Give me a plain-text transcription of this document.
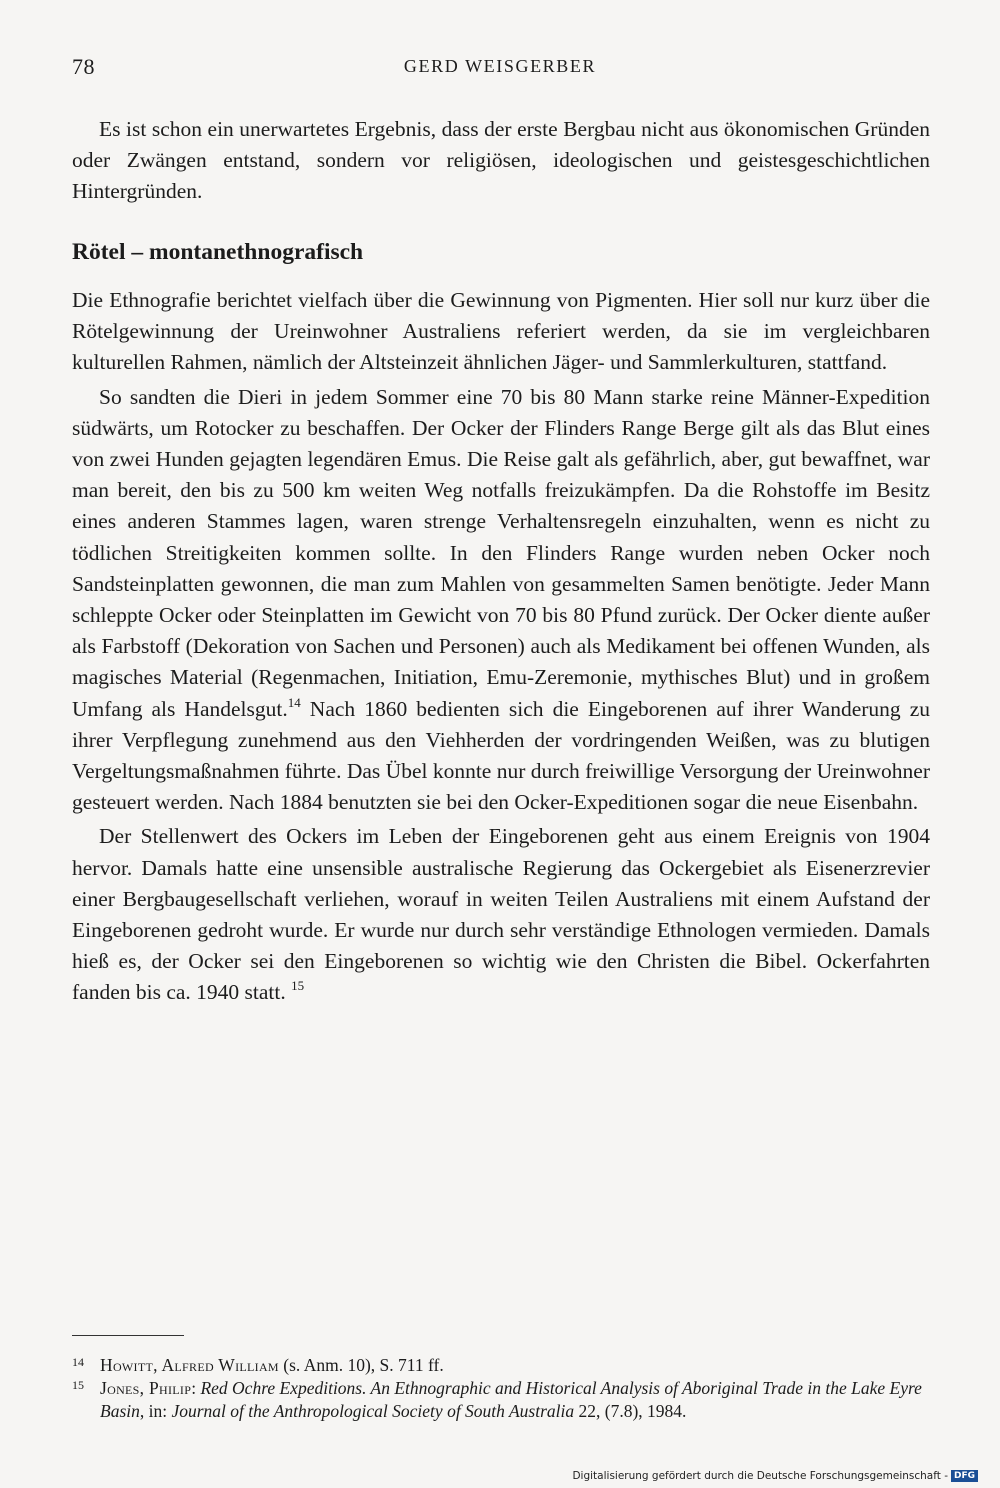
78	GERD WEISGERBER

Es ist schon ein unerwartetes Ergebnis, dass der erste Bergbau nicht aus ökonomischen Gründen oder Zwängen entstand, sondern vor religiösen, ideologischen und geistesgeschichtlichen Hintergründen.

Rötel – montanethnografisch

Die Ethnografie berichtet vielfach über die Gewinnung von Pigmenten. Hier soll nur kurz über die Rötelgewinnung der Ureinwohner Australiens referiert werden, da sie im vergleichbaren kulturellen Rahmen, nämlich der Altsteinzeit ähnlichen Jäger- und Sammlerkulturen, stattfand.

So sandten die Dieri in jedem Sommer eine 70 bis 80 Mann starke reine Männer-Expedition südwärts, um Rotocker zu beschaffen. Der Ocker der Flinders Range Berge gilt als das Blut eines von zwei Hunden gejagten legendären Emus. Die Reise galt als gefährlich, aber, gut bewaffnet, war man bereit, den bis zu 500 km weiten Weg notfalls freizukämpfen. Da die Rohstoffe im Besitz eines anderen Stammes lagen, waren strenge Verhaltensregeln einzuhalten, wenn es nicht zu tödlichen Streitigkeiten kommen sollte. In den Flinders Range wurden neben Ocker noch Sandsteinplatten gewonnen, die man zum Mahlen von gesammelten Samen benötigte. Jeder Mann schleppte Ocker oder Steinplatten im Gewicht von 70 bis 80 Pfund zurück. Der Ocker diente außer als Farbstoff (Dekoration von Sachen und Personen) auch als Medikament bei offenen Wunden, als magisches Material (Regenmachen, Initiation, Emu-Zeremonie, mythisches Blut) und in großem Umfang als Handelsgut.$^{14}$ Nach 1860 bedienten sich die Eingeborenen auf ihrer Wanderung zu ihrer Verpflegung zunehmend aus den Viehherden der vordringenden Weißen, was zu blutigen Vergeltungsmaßnahmen führte. Das Übel konnte nur durch freiwillige Versorgung der Ureinwohner gesteuert werden. Nach 1884 benutzten sie bei den Ocker-Expeditionen sogar die neue Eisenbahn.

Der Stellenwert des Ockers im Leben der Eingeborenen geht aus einem Ereignis von 1904 hervor. Damals hatte eine unsensible australische Regierung das Ockergebiet als Eisenerzrevier einer Bergbaugesellschaft verliehen, worauf in weiten Teilen Australiens mit einem Aufstand der Eingeborenen gedroht wurde. Er wurde nur durch sehr verständige Ethnologen vermieden. Damals hieß es, der Ocker sei den Eingeborenen so wichtig wie den Christen die Bibel. Ockerfahrten fanden bis ca. 1940 statt. $^{15}$

14 Howitt, Alfred William (s. Anm. 10), S. 711 ff.

15 Jones, Philip: Red Ochre Expeditions. An Ethnographic and Historical Analysis of Aboriginal Trade in the Lake Eyre Basin, in: Journal of the Anthropological Society of South Australia 22, (7.8), 1984.

Digitalisierung gefördert durch die Deutsche Forschungsgemeinschaft - DFG
